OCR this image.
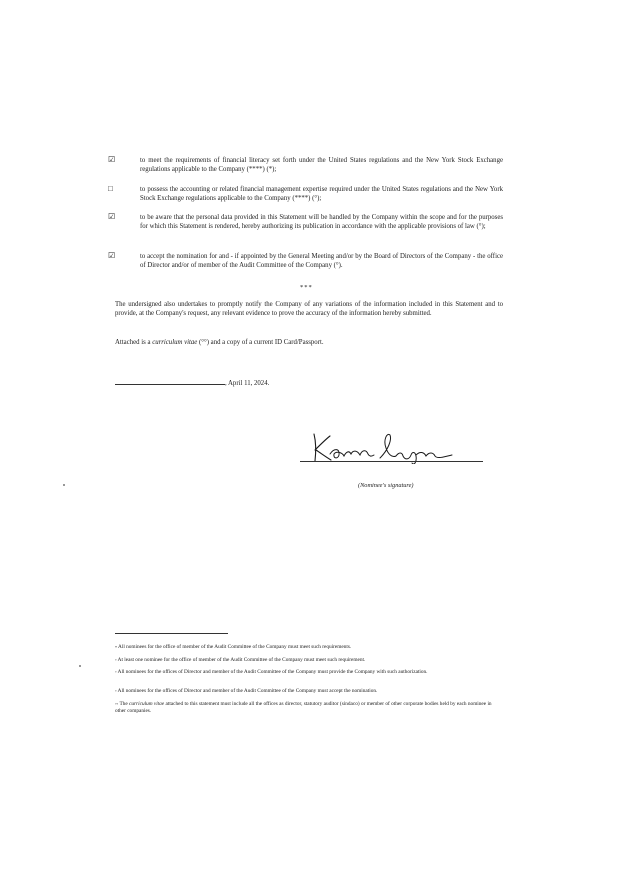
☑	to meet the requirements of financial literacy set forth under the United States regulations and the New York Stock Exchange regulations applicable to the Company (****) (*);
□	to possess the accounting or related financial management expertise required under the United States regulations and the New York Stock Exchange regulations applicable to the Company (****) (°);
☑	to be aware that the personal data provided in this Statement will be handled by the Company within the scope and for the purposes for which this Statement is rendered, hereby authorizing its publication in accordance with the applicable provisions of law (°);
☑	to accept the nomination for and - if appointed by the General Meeting and/or by the Board of Directors of the Company - the office of Director and/or of member of the Audit Committee of the Company (°).
***
The undersigned also undertakes to promptly notify the Company of any variations of the information included in this Statement and to provide, at the Company's request, any relevant evidence to prove the accuracy of the information hereby submitted.
Attached is a curriculum vitae (°°) and a copy of a current ID Card/Passport.
, April 11, 2024.
(Nominee's signature)
* All nominees for the office of member of the Audit Committee of the Company must meet such requirements.
° At least one nominee for the office of member of the Audit Committee of the Company must meet such requirement.
° All nominees for the offices of Director and member of the Audit Committee of the Company must provide the Company with such authorization.
° All nominees for the offices of Director and member of the Audit Committee of the Company must accept the nomination.
°° The curriculum vitae attached to this statement must include all the offices as director, statutory auditor (sindaco) or member of other corporate bodies held by each nominee in other companies.
